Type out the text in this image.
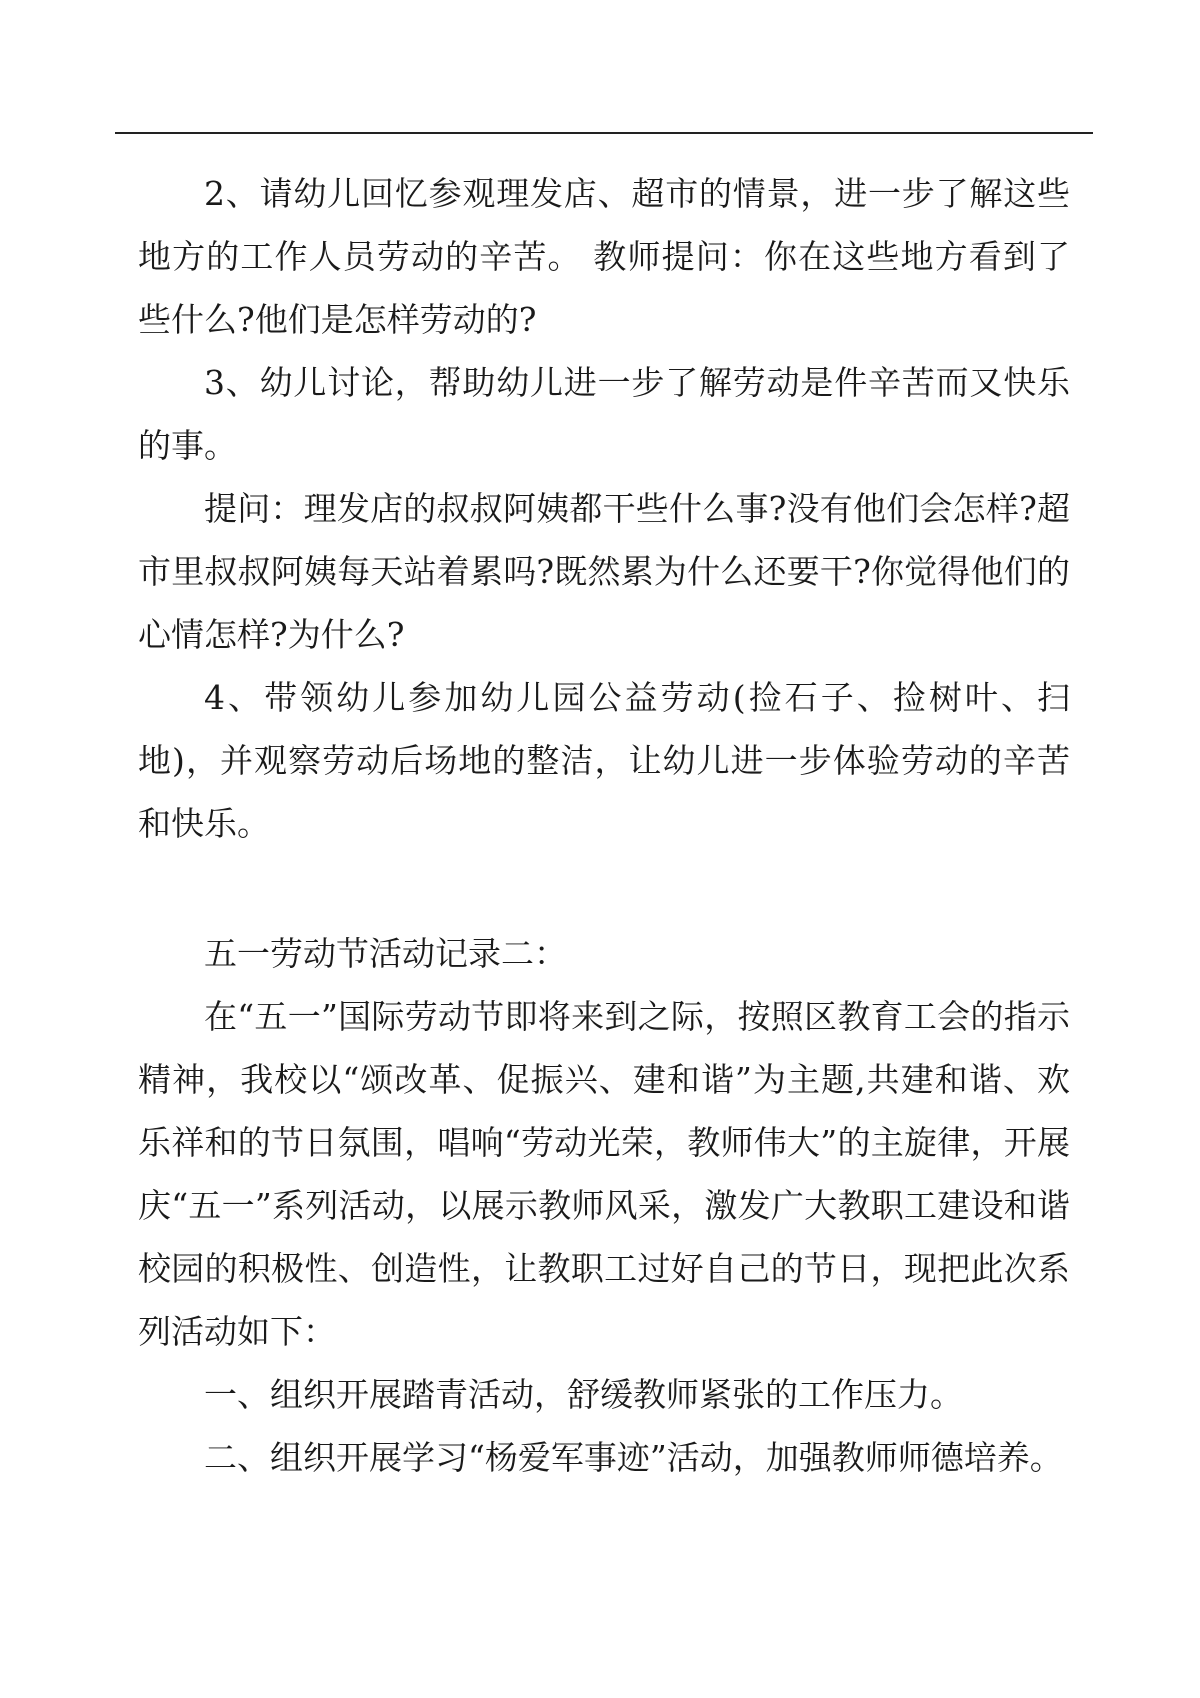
2、请幼儿回忆参观理发店、超市的情景，进一步了解这些地方的工作人员劳动的辛苦。 教师提问：你在这些地方看到了些什么?他们是怎样劳动的?

3、幼儿讨论，帮助幼儿进一步了解劳动是件辛苦而又快乐的事。

提问：理发店的叔叔阿姨都干些什么事?没有他们会怎样?超市里叔叔阿姨每天站着累吗?既然累为什么还要干?你觉得他们的心情怎样?为什么?

4、带领幼儿参加幼儿园公益劳动(捡石子、捡树叶、扫地)，并观察劳动后场地的整洁，让幼儿进一步体验劳动的辛苦和快乐。

五一劳动节活动记录二：

在“五一”国际劳动节即将来到之际，按照区教育工会的指示精神，我校以“颂改革、促振兴、建和谐”为主题,共建和谐、欢乐祥和的节日氛围，唱响“劳动光荣，教师伟大”的主旋律，开展庆“五一”系列活动，以展示教师风采，激发广大教职工建设和谐校园的积极性、创造性，让教职工过好自己的节日，现把此次系列活动如下：

一、组织开展踏青活动，舒缓教师紧张的工作压力。

二、组织开展学习“杨爱军事迹”活动，加强教师师德培养。
